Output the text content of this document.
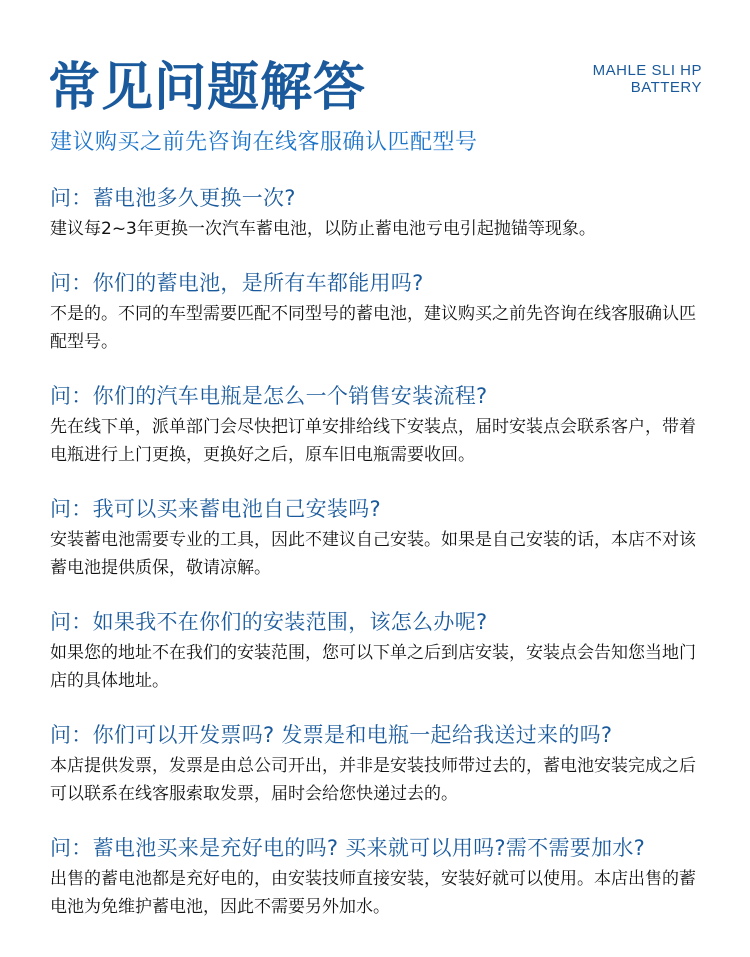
常见问题解答	MAHLE SLI HP
BATTERY

建议购买之前先咨询在线客服确认匹配型号

问：蓄电池多久更换一次?

建议每2~3年更换一次汽车蓄电池，以防止蓄电池亏电引起抛锚等现象。

问：你们的蓄电池，是所有车都能用吗?

不是的。不同的车型需要匹配不同型号的蓄电池，建议购买之前先咨询在线客服确认匹配型号。

问：你们的汽车电瓶是怎么一个销售安装流程?

先在线下单，派单部门会尽快把订单安排给线下安装点，届时安装点会联系客户，带着电瓶进行上门更换，更换好之后，原车旧电瓶需要收回。

问：我可以买来蓄电池自己安装吗?

安装蓄电池需要专业的工具，因此不建议自己安装。如果是自己安装的话，本店不对该蓄电池提供质保，敬请凉解。

问：如果我不在你们的安装范围，该怎么办呢?

如果您的地址不在我们的安装范围，您可以下单之后到店安装，安装点会告知您当地门店的具体地址。

问：你们可以开发票吗? 发票是和电瓶一起给我送过来的吗?

本店提供发票，发票是由总公司开出，并非是安装技师带过去的，蓄电池安装完成之后可以联系在线客服索取发票，届时会给您快递过去的。

问：蓄电池买来是充好电的吗? 买来就可以用吗?需不需要加水?

出售的蓄电池都是充好电的，由安装技师直接安装，安装好就可以使用。本店出售的蓄电池为免维护蓄电池，因此不需要另外加水。
